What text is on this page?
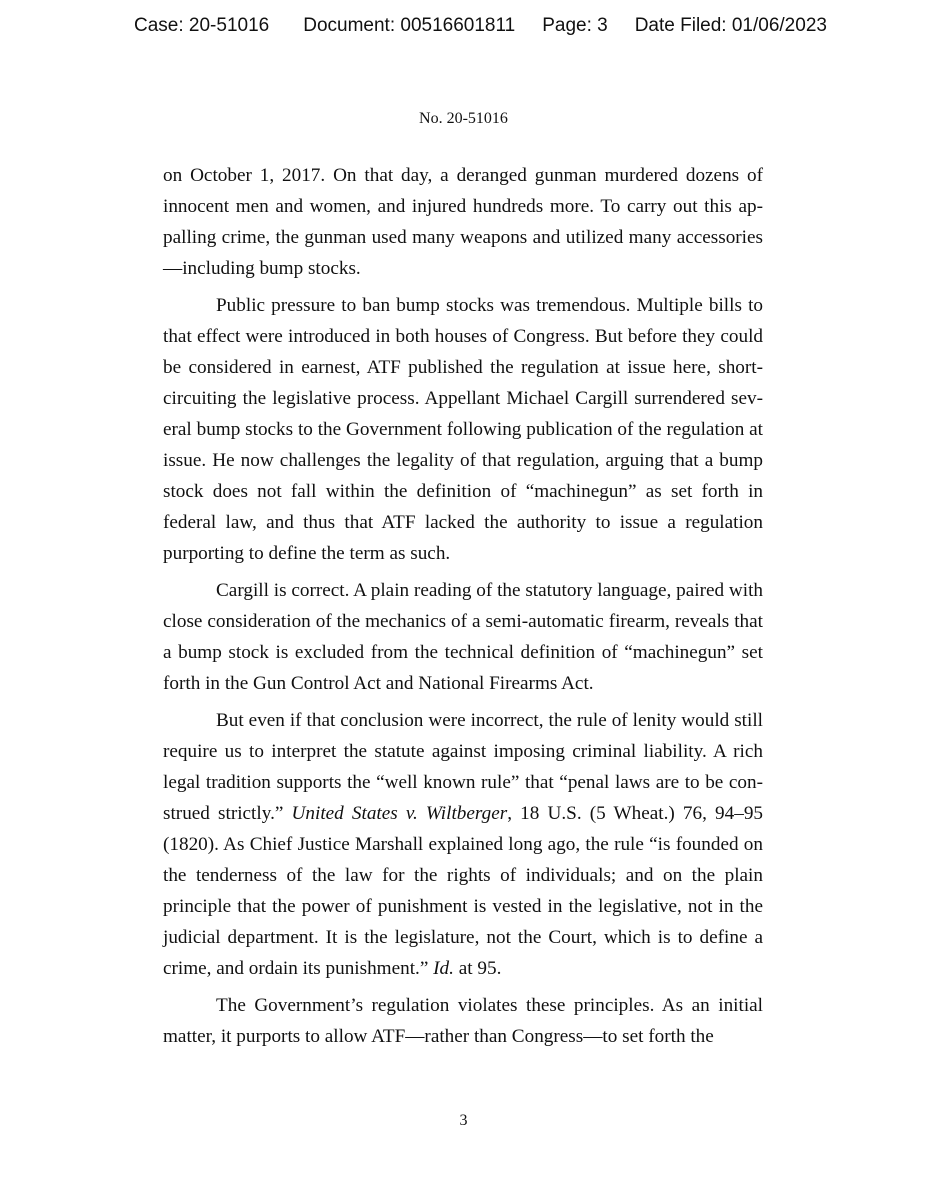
Case: 20-51016 Document: 00516601811 Page: 3 Date Filed: 01/06/2023
No. 20-51016

on October 1, 2017. On that day, a deranged gunman murdered dozens of innocent men and women, and injured hundreds more. To carry out this appalling crime, the gunman used many weapons and utilized many accessories—including bump stocks.

Public pressure to ban bump stocks was tremendous. Multiple bills to that effect were introduced in both houses of Congress. But before they could be considered in earnest, ATF published the regulation at issue here, short-circuiting the legislative process. Appellant Michael Cargill surrendered several bump stocks to the Government following publication of the regulation at issue. He now challenges the legality of that regulation, arguing that a bump stock does not fall within the definition of “machinegun” as set forth in federal law, and thus that ATF lacked the authority to issue a regulation purporting to define the term as such.

Cargill is correct. A plain reading of the statutory language, paired with close consideration of the mechanics of a semi-automatic firearm, reveals that a bump stock is excluded from the technical definition of “machinegun” set forth in the Gun Control Act and National Firearms Act.

But even if that conclusion were incorrect, the rule of lenity would still require us to interpret the statute against imposing criminal liability. A rich legal tradition supports the “well known rule” that “penal laws are to be construed strictly.” United States v. Wiltberger, 18 U.S. (5 Wheat.) 76, 94–95 (1820). As Chief Justice Marshall explained long ago, the rule “is founded on the tenderness of the law for the rights of individuals; and on the plain principle that the power of punishment is vested in the legislative, not in the judicial department. It is the legislature, not the Court, which is to define a crime, and ordain its punishment.” Id. at 95.

The Government’s regulation violates these principles. As an initial matter, it purports to allow ATF—rather than Congress—to set forth the

3
